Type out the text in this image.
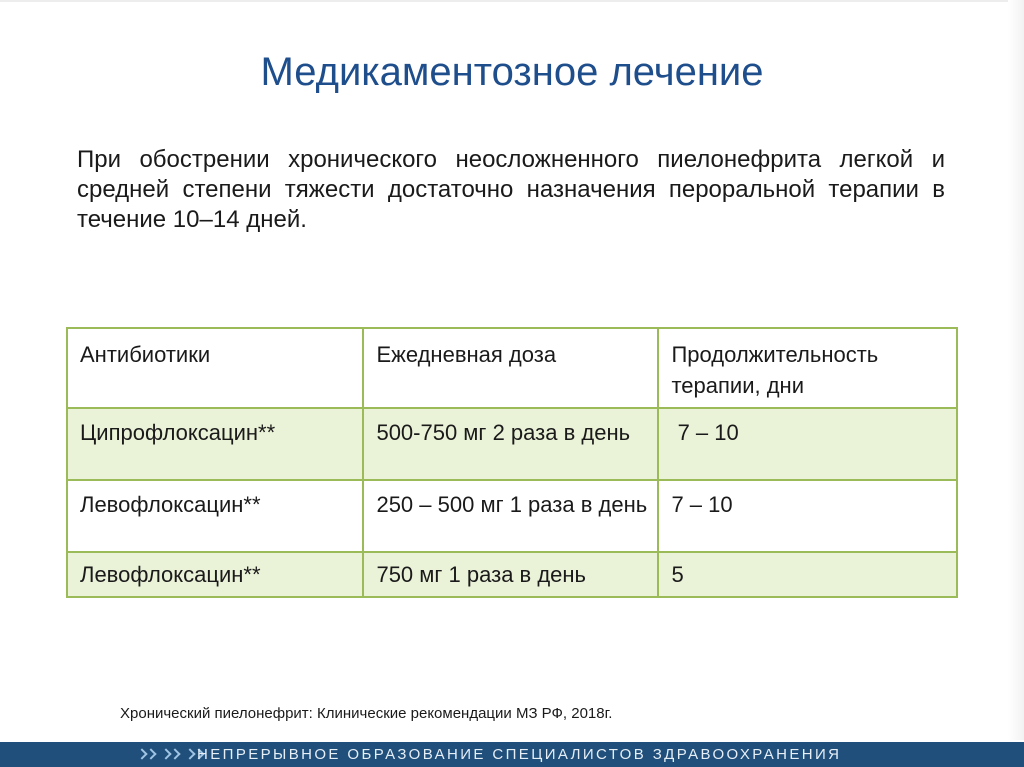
Медикаментозное лечение

При обострении хронического неосложненного пиелонефрита легкой и средней степени тяжести достаточно назначения пероральной терапии в течение 10–14 дней.

Антибиотики	Ежедневная доза	Продолжительность терапии, дни
Ципрофлоксацин**	500-750 мг 2 раза в день	7 – 10
Левофлоксацин**	250 – 500 мг 1 раза в день	7 – 10
Левофлоксацин**	750 мг 1 раза в день	5
Хронический пиелонефрит: Клинические рекомендации МЗ РФ, 2018г.
НЕПРЕРЫВНОЕ ОБРАЗОВАНИЕ СПЕЦИАЛИСТОВ ЗДРАВООХРАНЕНИЯ
